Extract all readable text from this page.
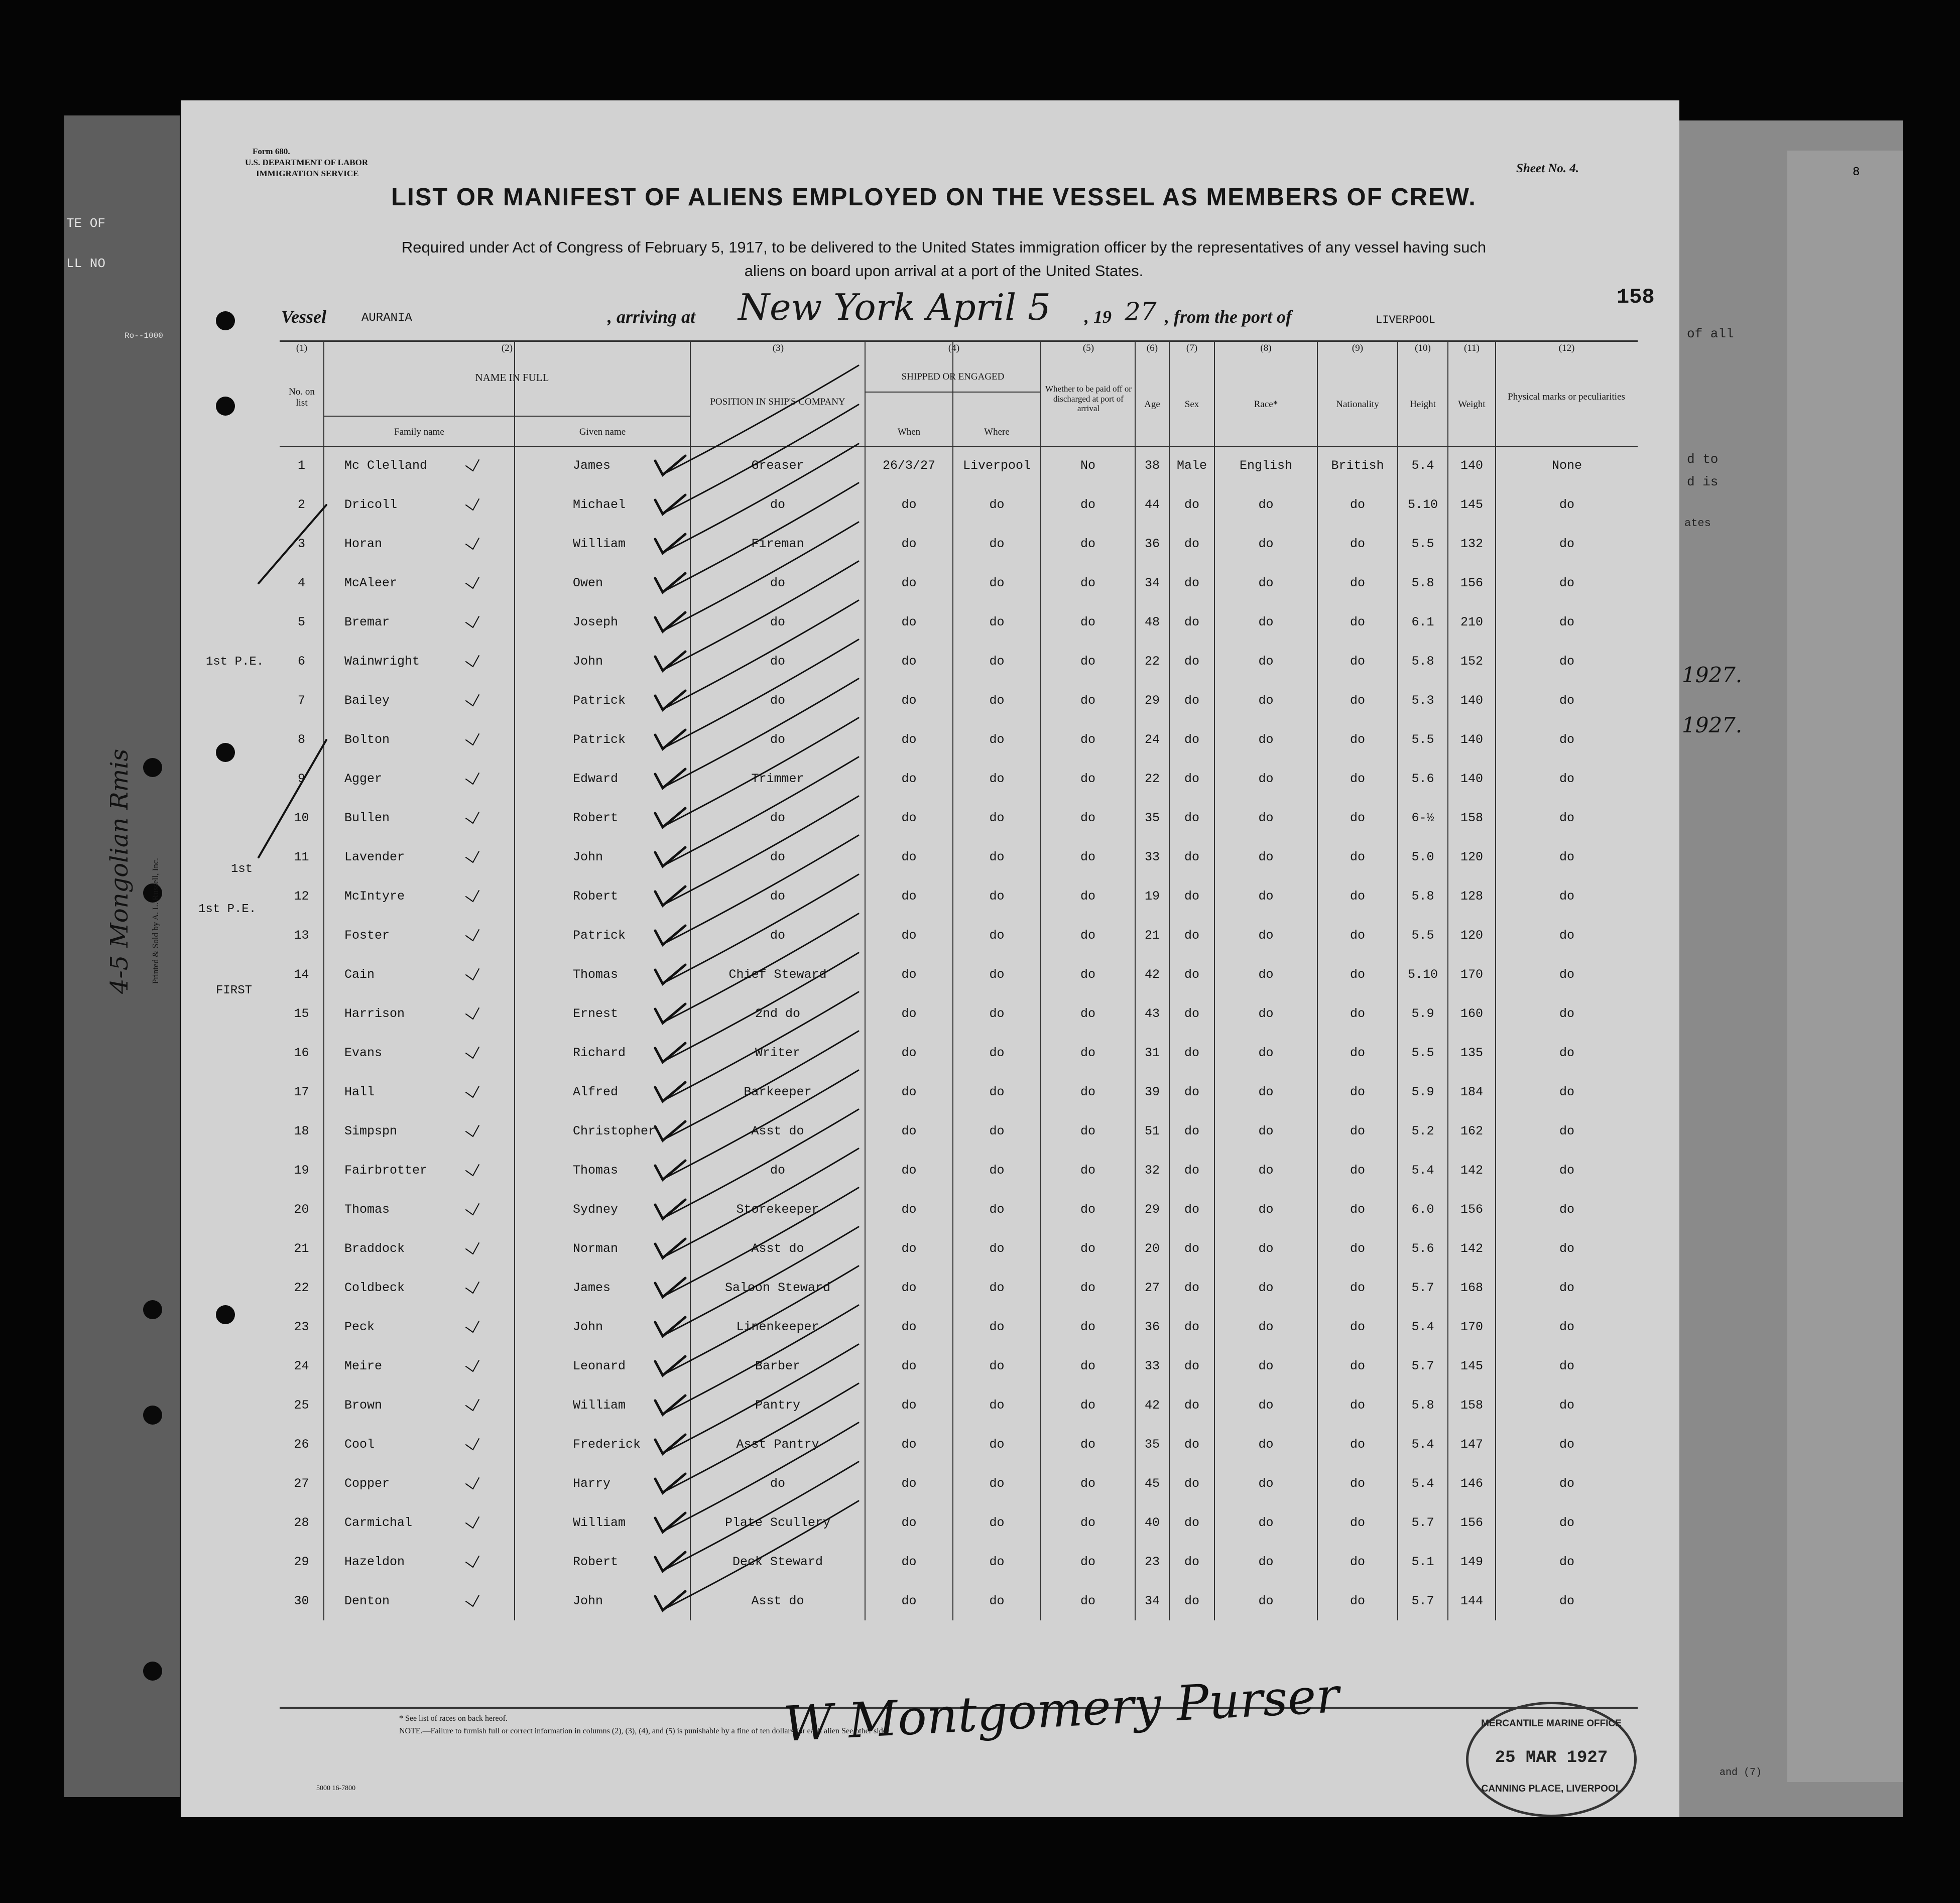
TE OF
LL NO
Ro--1000
8
of all
d to
d is
ates
1927.
1927.
and (7)
Form 680.
U.S. DEPARTMENT OF LABOR
IMMIGRATION SERVICE	Sheet No. 4.
LIST OR MANIFEST OF ALIENS EMPLOYED ON THE VESSEL AS MEMBERS OF CREW.
Required under Act of Congress of February 5, 1917, to be delivered to the United States immigration officer by the representatives of any vessel having such
aliens on board upon arrival at a port of the United States.
Vessel	AURANIA	, arriving at New York April 5 , 19 27 , from the port of	LIVERPOOL
158
4-5 Mongolian Rmis Printed & Sold by A. L. Russell, Inc.
(1)
No. on list
(2)
NAME IN FULL
Family name	Given name
(3)
POSITION IN SHIP'S COMPANY
(4)
SHIPPED OR ENGAGED
When	Where
(5)
Whether to be paid off or discharged at port of arrival
(6)
Age
(7)
Sex
(8)
Race*
(9)
Nationality
(10)
Height
(11)
Weight
(12)
Physical marks or peculiarities
1st P.E.
1st
1st P.E.
FIRST

1	Mc Clelland	James	Greaser	26/3/27	Liverpool	No	38	Male	English	British	5.4	140	None
2	Dricoll	Michael	do	do	do	do	44	do	do	do	5.10	145	do
3	Horan	William	Fireman	do	do	do	36	do	do	do	5.5	132	do
4	McAleer	Owen	do	do	do	do	34	do	do	do	5.8	156	do
5	Bremar	Joseph	do	do	do	do	48	do	do	do	6.1	210	do
6	Wainwright	John	do	do	do	do	22	do	do	do	5.8	152	do
7	Bailey	Patrick	do	do	do	do	29	do	do	do	5.3	140	do
8	Bolton	Patrick	do	do	do	do	24	do	do	do	5.5	140	do
9	Agger	Edward	Trimmer	do	do	do	22	do	do	do	5.6	140	do
10	Bullen	Robert	do	do	do	do	35	do	do	do	6-½	158	do
11	Lavender	John	do	do	do	do	33	do	do	do	5.0	120	do
12	McIntyre	Robert	do	do	do	do	19	do	do	do	5.8	128	do
13	Foster	Patrick	do	do	do	do	21	do	do	do	5.5	120	do
14	Cain	Thomas	Chief Steward	do	do	do	42	do	do	do	5.10	170	do
15	Harrison	Ernest	2nd do	do	do	do	43	do	do	do	5.9	160	do
16	Evans	Richard	Writer	do	do	do	31	do	do	do	5.5	135	do
17	Hall	Alfred	Barkeeper	do	do	do	39	do	do	do	5.9	184	do
18	Simpspn	Christopher	Asst do	do	do	do	51	do	do	do	5.2	162	do
19	Fairbrotter	Thomas	do	do	do	do	32	do	do	do	5.4	142	do
20	Thomas	Sydney	Storekeeper	do	do	do	29	do	do	do	6.0	156	do
21	Braddock	Norman	Asst do	do	do	do	20	do	do	do	5.6	142	do
22	Coldbeck	James	Saloon Steward	do	do	do	27	do	do	do	5.7	168	do
23	Peck	John	Linenkeeper	do	do	do	36	do	do	do	5.4	170	do
24	Meire	Leonard	Barber	do	do	do	33	do	do	do	5.7	145	do
25	Brown	William	Pantry	do	do	do	42	do	do	do	5.8	158	do
26	Cool	Frederick	Asst Pantry	do	do	do	35	do	do	do	5.4	147	do
27	Copper	Harry	do	do	do	do	45	do	do	do	5.4	146	do
28	Carmichal	William	Plate Scullery	do	do	do	40	do	do	do	5.7	156	do
29	Hazeldon	Robert	Deck Steward	do	do	do	23	do	do	do	5.1	149	do
30	Denton	John	Asst do	do	do	do	34	do	do	do	5.7	144	do
* See list of races on back hereof.
NOTE.—Failure to furnish full or correct information in columns (2), (3), (4), and (5) is punishable by a fine of ten dollars for each alien See other side.
5000 16-7800
W Montgomery Purser	MERCANTILE MARINE OFFICE
25 MAR 1927
CANNING PLACE, LIVERPOOL
